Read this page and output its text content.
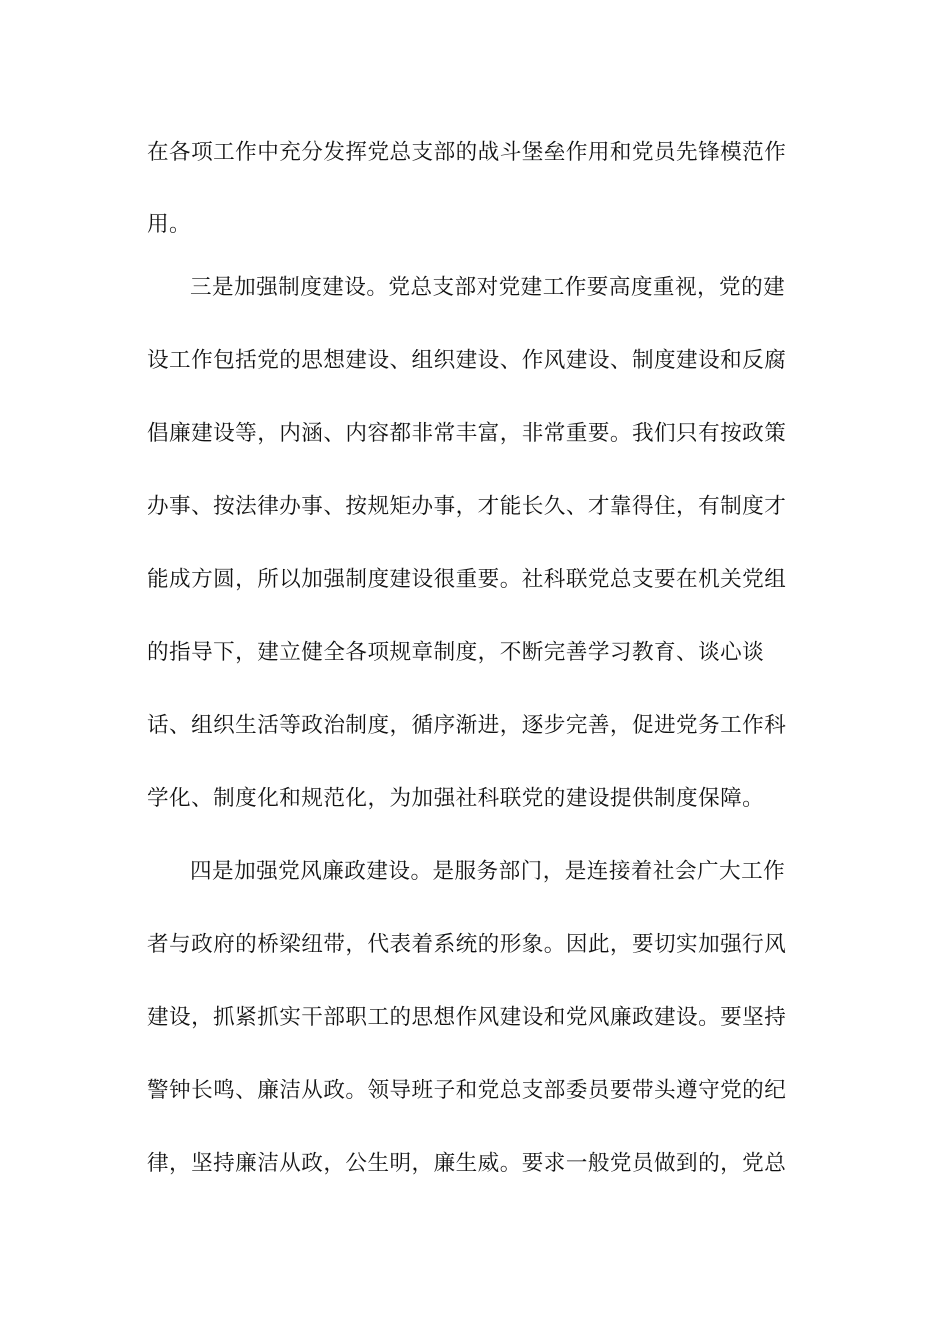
在各项工作中充分发挥党总支部的战斗堡垒作用和党员先锋模范作
用。
三是加强制度建设。党总支部对党建工作要高度重视，党的建
设工作包括党的思想建设、组织建设、作风建设、制度建设和反腐
倡廉建设等，内涵、内容都非常丰富，非常重要。我们只有按政策
办事、按法律办事、按规矩办事，才能长久、才靠得住，有制度才
能成方圆，所以加强制度建设很重要。社科联党总支要在机关党组
的指导下，建立健全各项规章制度，不断完善学习教育、谈心谈
话、组织生活等政治制度，循序渐进，逐步完善，促进党务工作科
学化、制度化和规范化，为加强社科联党的建设提供制度保障。
四是加强党风廉政建设。是服务部门，是连接着社会广大工作
者与政府的桥梁纽带，代表着系统的形象。因此，要切实加强行风
建设，抓紧抓实干部职工的思想作风建设和党风廉政建设。要坚持
警钟长鸣、廉洁从政。领导班子和党总支部委员要带头遵守党的纪
律，坚持廉洁从政，公生明，廉生威。要求一般党员做到的，党总
